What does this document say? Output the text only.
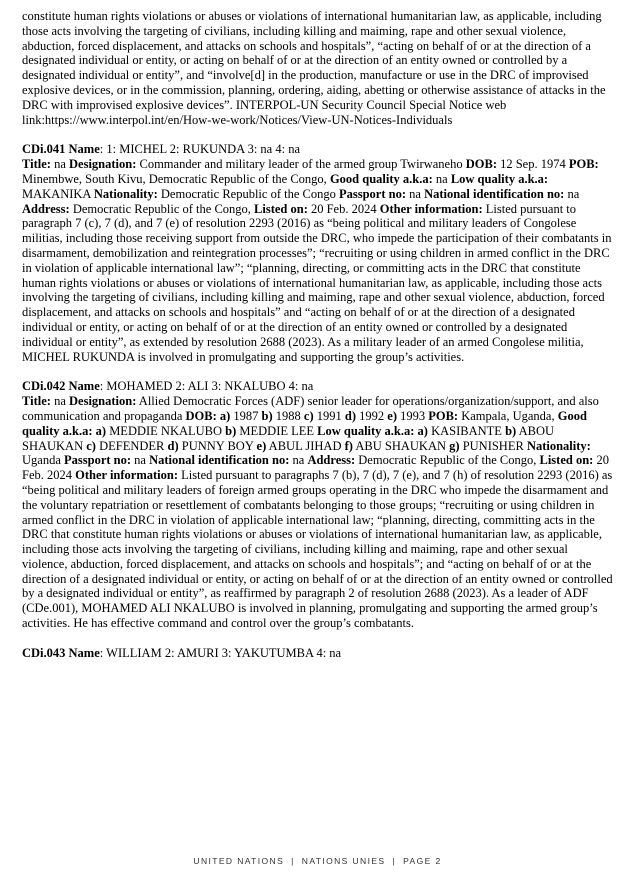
constitute human rights violations or abuses or violations of international humanitarian law, as applicable, including those acts involving the targeting of civilians, including killing and maiming, rape and other sexual violence, abduction, forced displacement, and attacks on schools and hospitals”, “acting on behalf of or at the direction of a designated individual or entity, or acting on behalf of or at the direction of an entity owned or controlled by a designated individual or entity”, and “involve[d] in the production, manufacture or use in the DRC of improvised explosive devices, or in the commission, planning, ordering, aiding, abetting or otherwise assistance of attacks in the DRC with improvised explosive devices”. INTERPOL-UN Security Council Special Notice web link:https://www.interpol.int/en/How-we-work/Notices/View-UN-Notices-Individuals

CDi.041 Name: 1: MICHEL 2: RUKUNDA 3: na 4: na
Title: na Designation: Commander and military leader of the armed group Twirwaneho DOB: 12 Sep. 1974 POB: Minembwe, South Kivu, Democratic Republic of the Congo, Good quality a.k.a: na Low quality a.k.a: MAKANIKA Nationality: Democratic Republic of the Congo Passport no: na National identification no: na Address: Democratic Republic of the Congo, Listed on: 20 Feb. 2024 Other information: Listed pursuant to paragraph 7 (c), 7 (d), and 7 (e) of resolution 2293 (2016) as “being political and military leaders of Congolese militias, including those receiving support from outside the DRC, who impede the participation of their combatants in disarmament, demobilization and reintegration processes”; “recruiting or using children in armed conflict in the DRC in violation of applicable international law”; “planning, directing, or committing acts in the DRC that constitute human rights violations or abuses or violations of international humanitarian law, as applicable, including those acts involving the targeting of civilians, including killing and maiming, rape and other sexual violence, abduction, forced displacement, and attacks on schools and hospitals” and “acting on behalf of or at the direction of a designated individual or entity, or acting on behalf of or at the direction of an entity owned or controlled by a designated individual or entity”, as extended by resolution 2688 (2023). As a military leader of an armed Congolese militia, MICHEL RUKUNDA is involved in promulgating and supporting the group’s activities.

CDi.042 Name: MOHAMED 2: ALI 3: NKALUBO 4: na
Title: na Designation: Allied Democratic Forces (ADF) senior leader for operations/organization/support, and also communication and propaganda DOB: a) 1987 b) 1988 c) 1991 d) 1992 e) 1993 POB: Kampala, Uganda, Good quality a.k.a: a) MEDDIE NKALUBO b) MEDDIE LEE Low quality a.k.a: a) KASIBANTE b) ABOU SHAUKAN c) DEFENDER d) PUNNY BOY e) ABUL JIHAD f) ABU SHAUKAN g) PUNISHER Nationality: Uganda Passport no: na National identification no: na Address: Democratic Republic of the Congo, Listed on: 20 Feb. 2024 Other information: Listed pursuant to paragraphs 7 (b), 7 (d), 7 (e), and 7 (h) of resolution 2293 (2016) as “being political and military leaders of foreign armed groups operating in the DRC who impede the disarmament and the voluntary repatriation or resettlement of combatants belonging to those groups; “recruiting or using children in armed conflict in the DRC in violation of applicable international law; “planning, directing, committing acts in the DRC that constitute human rights violations or abuses or violations of international humanitarian law, as applicable, including those acts involving the targeting of civilians, including killing and maiming, rape and other sexual violence, abduction, forced displacement, and attacks on schools and hospitals”; and “acting on behalf of or at the direction of a designated individual or entity, or acting on behalf of or at the direction of an entity owned or controlled by a designated individual or entity”, as reaffirmed by paragraph 2 of resolution 2688 (2023). As a leader of ADF (CDe.001), MOHAMED ALI NKALUBO is involved in planning, promulgating and supporting the armed group’s activities. He has effective command and control over the group’s combatants.

CDi.043 Name: WILLIAM 2: AMURI 3: YAKUTUMBA 4: na

UNITED NATIONS | NATIONS UNIES | PAGE 2
